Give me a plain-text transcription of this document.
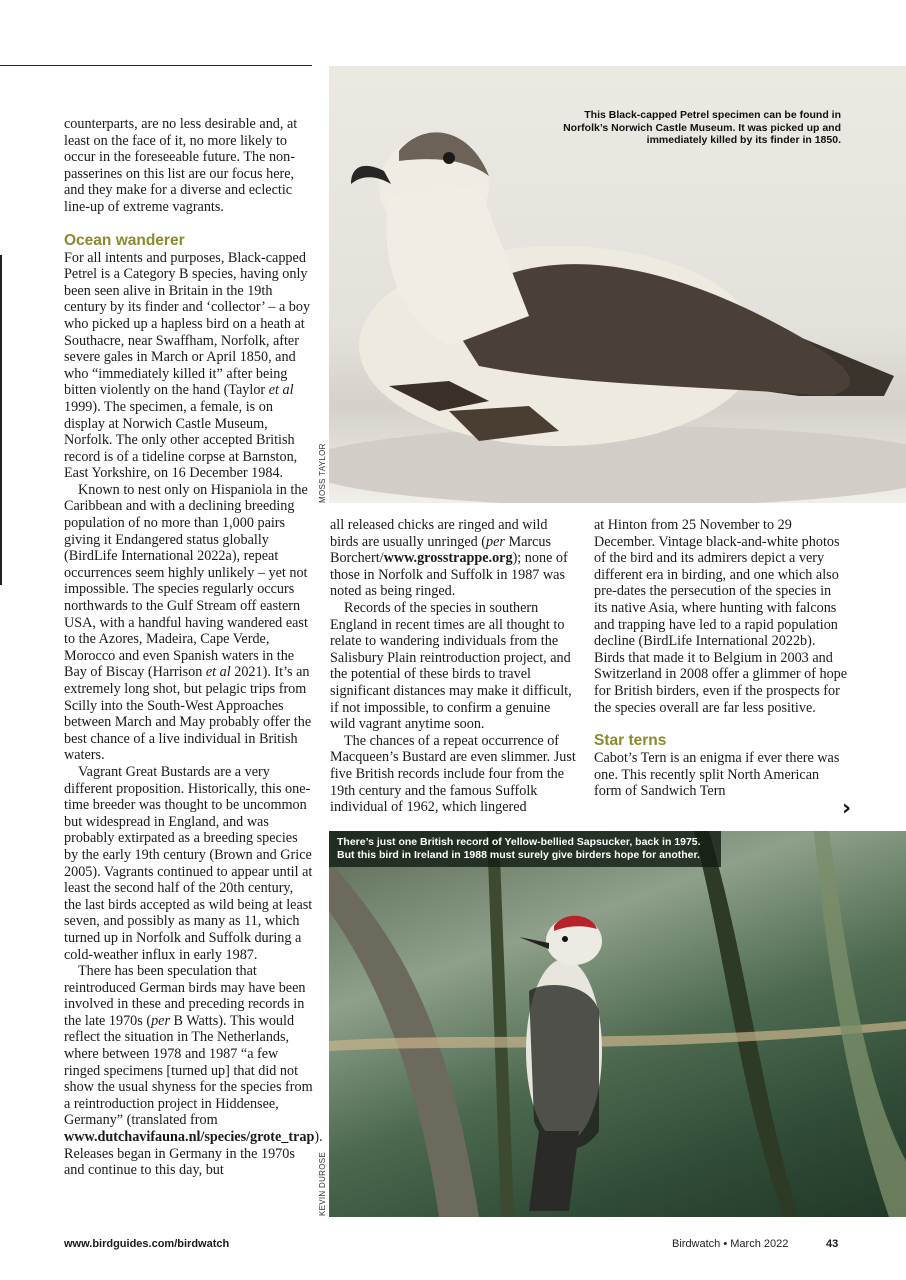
counterparts, are no less desirable and, at least on the face of it, no more likely to occur in the foreseeable future. The non-passerines on this list are our focus here, and they make for a diverse and eclectic line-up of extreme vagrants.

Ocean wanderer

For all intents and purposes, Black-capped Petrel is a Category B species, having only been seen alive in Britain in the 19th century by its finder and ‘collector’ – a boy who picked up a hapless bird on a heath at Southacre, near Swaffham, Norfolk, after severe gales in March or April 1850, and who “immediately killed it” after being bitten violently on the hand (Taylor et al 1999). The specimen, a female, is on display at Norwich Castle Museum, Norfolk. The only other accepted British record is of a tideline corpse at Barnston, East Yorkshire, on 16 December 1984.

Known to nest only on Hispaniola in the Caribbean and with a declining breeding population of no more than 1,000 pairs giving it Endangered status globally (BirdLife International 2022a), repeat occurrences seem highly unlikely – yet not impossible. The species regularly occurs northwards to the Gulf Stream off eastern USA, with a handful having wandered east to the Azores, Madeira, Cape Verde, Morocco and even Spanish waters in the Bay of Biscay (Harrison et al 2021). It’s an extremely long shot, but pelagic trips from Scilly into the South-West Approaches between March and May probably offer the best chance of a live individual in British waters.

Vagrant Great Bustards are a very different proposition. Historically, this one-time breeder was thought to be uncommon but widespread in England, and was probably extirpated as a breeding species by the early 19th century (Brown and Grice 2005). Vagrants continued to appear until at least the second half of the 20th century, the last birds accepted as wild being at least seven, and possibly as many as 11, which turned up in Norfolk and Suffolk during a cold-weather influx in early 1987.

There has been speculation that reintroduced German birds may have been involved in these and preceding records in the late 1970s (per B Watts). This would reflect the situation in The Netherlands, where between 1978 and 1987 “a few ringed specimens [turned up] that did not show the usual shyness for the species from a reintroduction project in Hiddensee, Germany” (translated from www.dutchavifauna.nl/species/grote_trap). Releases began in Germany in the 1970s and continue to this day, but

This Black-capped Petrel specimen can be found in Norfolk’s Norwich Castle Museum. It was picked up and immediately killed by its finder in 1850.
MOSS TAYLOR

all released chicks are ringed and wild birds are usually unringed (per Marcus Borchert/www.grosstrappe.org); none of those in Norfolk and Suffolk in 1987 was noted as being ringed.

Records of the species in southern England in recent times are all thought to relate to wandering individuals from the Salisbury Plain reintroduction project, and the potential of these birds to travel significant distances may make it difficult, if not impossible, to confirm a genuine wild vagrant anytime soon.

The chances of a repeat occurrence of Macqueen’s Bustard are even slimmer. Just five British records include four from the 19th century and the famous Suffolk individual of 1962, which lingered

at Hinton from 25 November to 29 December. Vintage black-and-white photos of the bird and its admirers depict a very different era in birding, and one which also pre-dates the persecution of the species in its native Asia, where hunting with falcons and trapping have led to a rapid population decline (BirdLife International 2022b). Birds that made it to Belgium in 2003 and Switzerland in 2008 offer a glimmer of hope for British birders, even if the prospects for the species overall are far less positive.

Star terns

Cabot’s Tern is an enigma if ever there was one. This recently split North American form of Sandwich Tern

›
There’s just one British record of Yellow-bellied Sapsucker, back in 1975. But this bird in Ireland in 1988 must surely give birders hope for another.
KEVIN DUROSE
www.birdguides.com/birdwatch	Birdwatch • March 2022	43
